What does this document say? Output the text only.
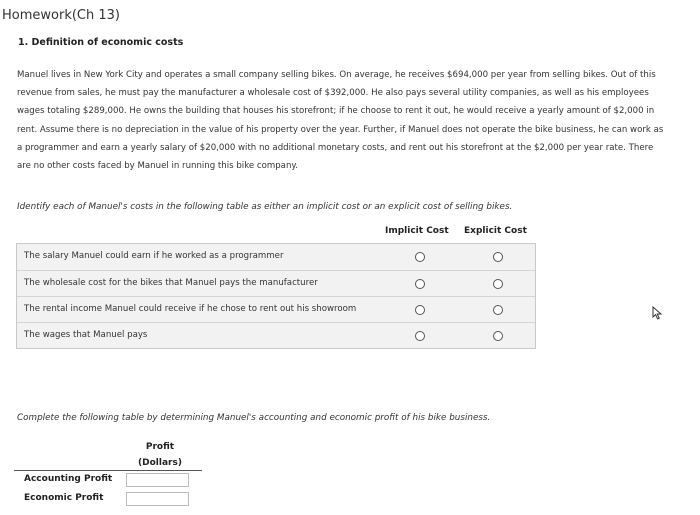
Homework(Ch 13)
1. Definition of economic costs
Manuel lives in New York City and operates a small company selling bikes. On average, he receives $694,000 per year from selling bikes. Out of this
revenue from sales, he must pay the manufacturer a wholesale cost of $392,000. He also pays several utility companies, as well as his employees
wages totaling $289,000. He owns the building that houses his storefront; if he choose to rent it out, he would receive a yearly amount of $2,000 in
rent. Assume there is no depreciation in the value of his property over the year. Further, if Manuel does not operate the bike business, he can work as
a programmer and earn a yearly salary of $20,000 with no additional monetary costs, and rent out his storefront at the $2,000 per year rate. There
are no other costs faced by Manuel in running this bike company.
Identify each of Manuel's costs in the following table as either an implicit cost or an explicit cost of selling bikes.
Implicit Cost Explicit Cost
The salary Manuel could earn if he worked as a programmer
The wholesale cost for the bikes that Manuel pays the manufacturer
The rental income Manuel could receive if he chose to rent out his showroom
The wages that Manuel pays
Complete the following table by determining Manuel's accounting and economic profit of his bike business.
Profit
(Dollars)
Accounting Profit
Economic Profit
